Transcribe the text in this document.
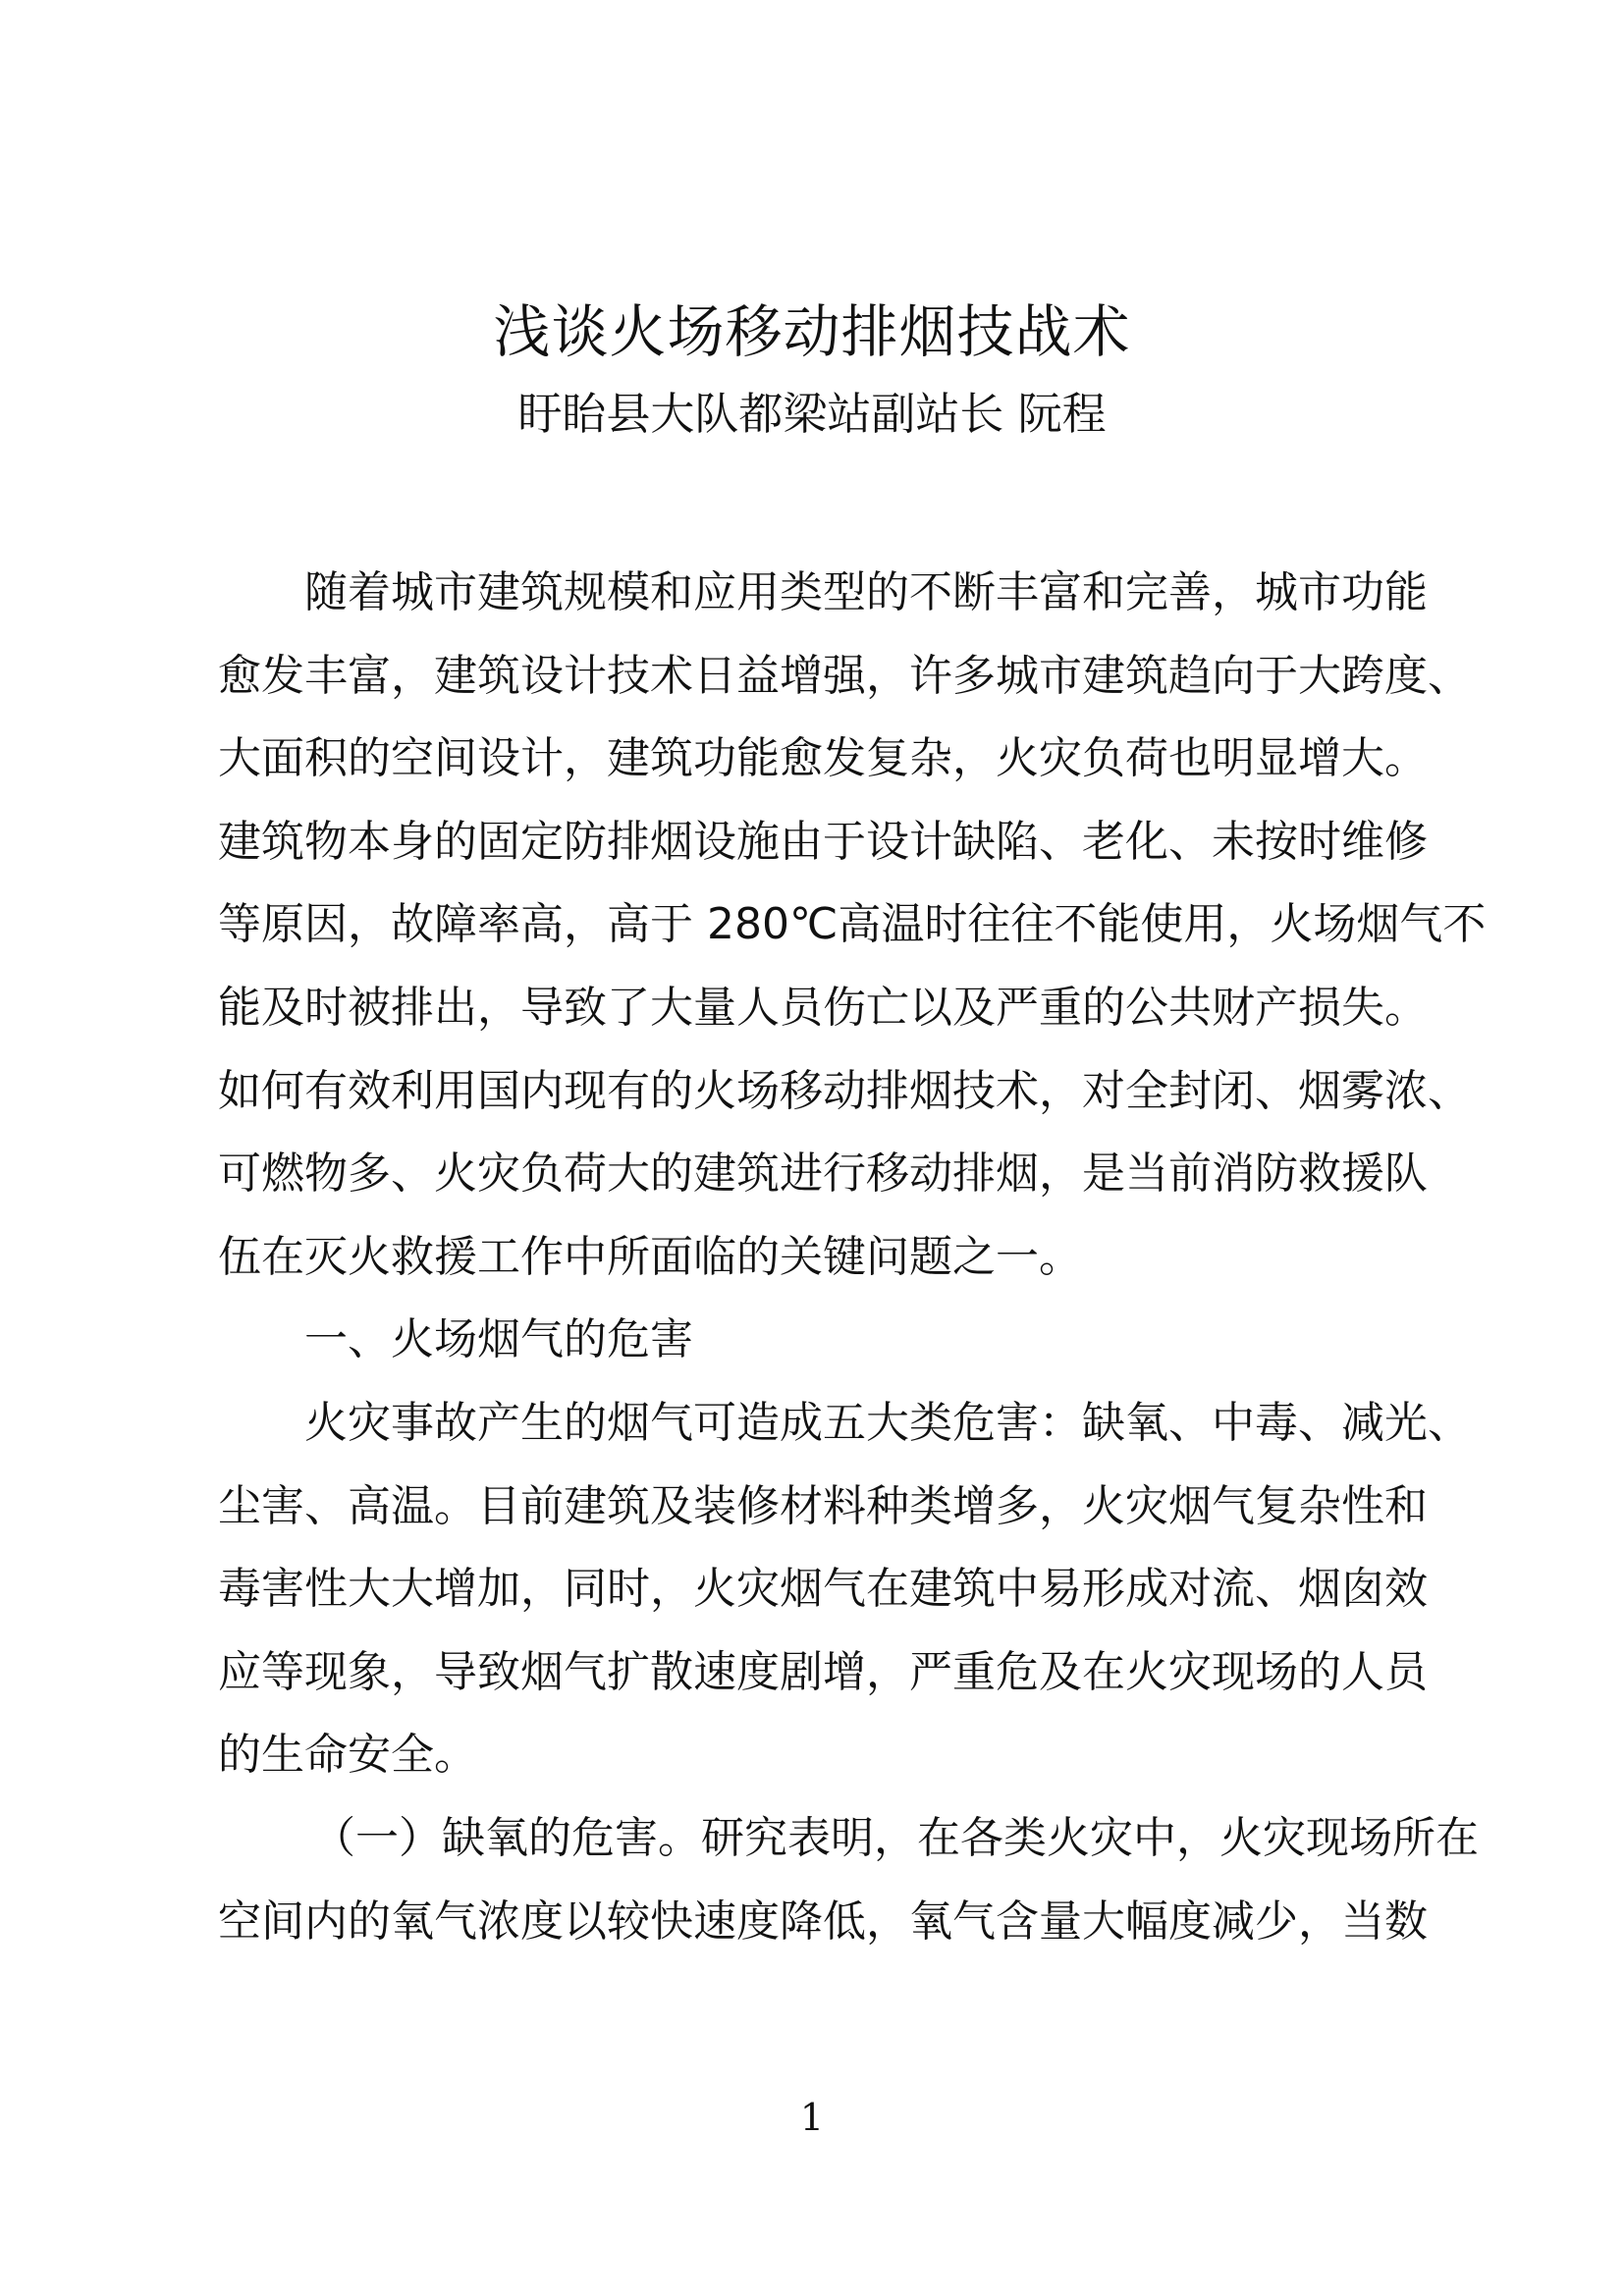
浅谈火场移动排烟技战术
盱眙县大队都梁站副站长 阮程
随着城市建筑规模和应用类型的不断丰富和完善，城市功能
愈发丰富，建筑设计技术日益增强，许多城市建筑趋向于大跨度、
大面积的空间设计，建筑功能愈发复杂，火灾负荷也明显增大。
建筑物本身的固定防排烟设施由于设计缺陷、老化、未按时维修
等原因，故障率高，高于 280℃高温时往往不能使用，火场烟气不
能及时被排出，导致了大量人员伤亡以及严重的公共财产损失。
如何有效利用国内现有的火场移动排烟技术，对全封闭、烟雾浓、
可燃物多、火灾负荷大的建筑进行移动排烟，是当前消防救援队
伍在灭火救援工作中所面临的关键问题之一。
一、火场烟气的危害
火灾事故产生的烟气可造成五大类危害：缺氧、中毒、减光、
尘害、高温。目前建筑及装修材料种类增多，火灾烟气复杂性和
毒害性大大增加，同时，火灾烟气在建筑中易形成对流、烟囱效
应等现象，导致烟气扩散速度剧增，严重危及在火灾现场的人员
的生命安全。
（一）缺氧的危害。研究表明，在各类火灾中，火灾现场所在
空间内的氧气浓度以较快速度降低，氧气含量大幅度减少，当数
1
